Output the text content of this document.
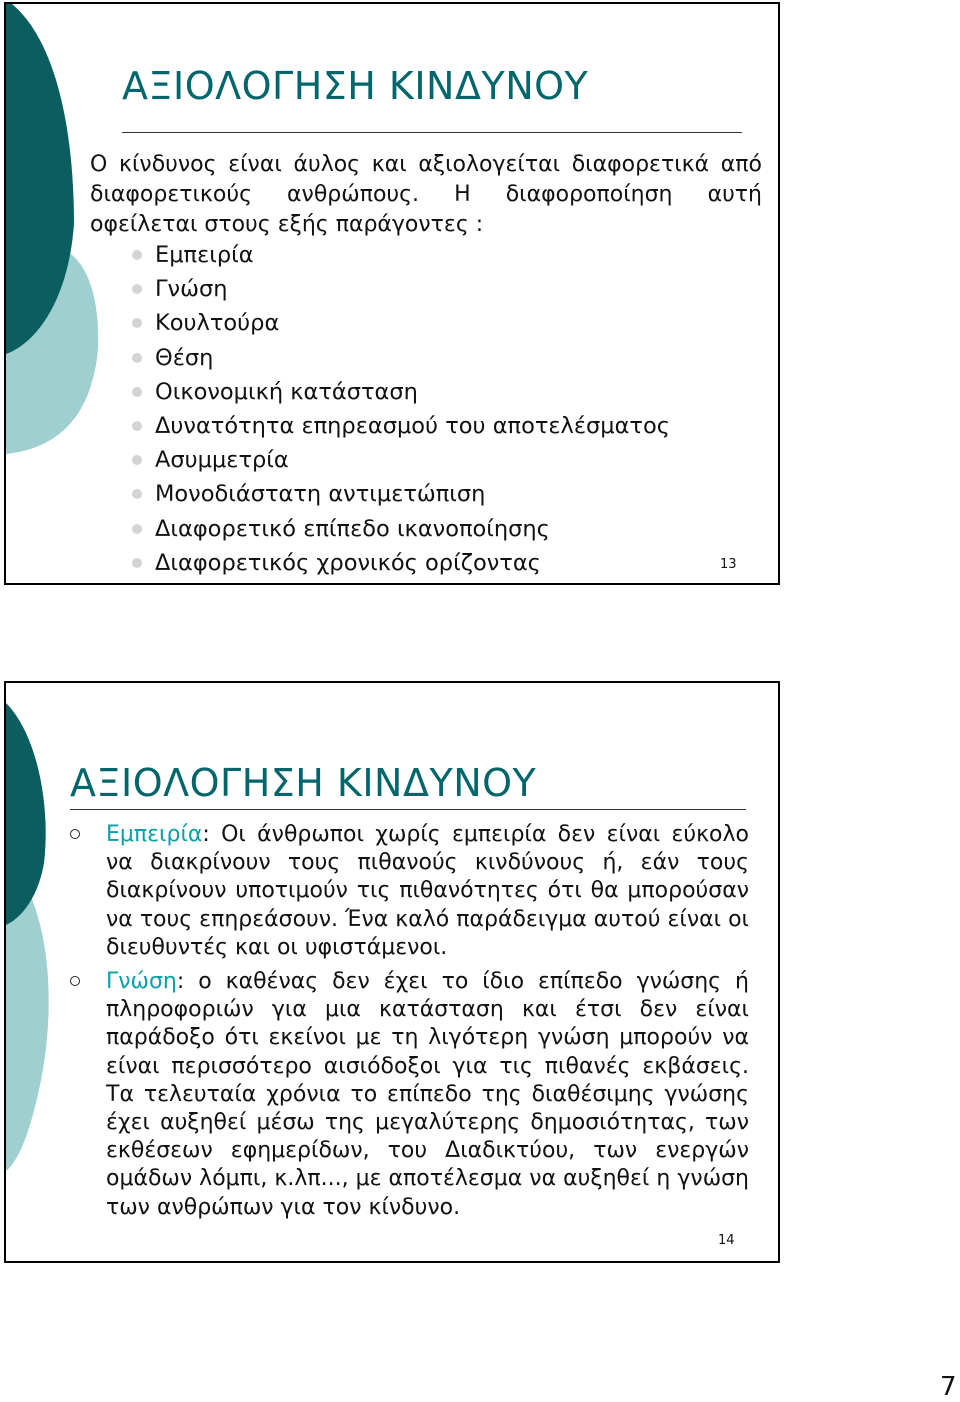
ΑΞΙΟΛΟΓΗΣΗ ΚΙΝΔΥΝΟΥ
Ο κίνδυνος είναι άυλος και αξιολογείται διαφορετικά από διαφορετικούς ανθρώπους. Η διαφοροποίηση αυτή οφείλεται στους εξής παράγοντες :
Εμπειρία
Γνώση
Κουλτούρα
Θέση
Οικονομική κατάσταση
Δυνατότητα επηρεασμού του αποτελέσματος
Ασυμμετρία
Μονοδιάστατη αντιμετώπιση
Διαφορετικό επίπεδο ικανοποίησης
Διαφορετικός χρονικός ορίζοντας	13
ΑΞΙΟΛΟΓΗΣΗ ΚΙΝΔΥΝΟΥ
Εμπειρία: Οι άνθρωποι χωρίς εμπειρία δεν είναι εύκολο να διακρίνουν τους πιθανούς κινδύνους ή, εάν τους διακρίνουν υποτιμούν τις πιθανότητες ότι θα μπορούσαν να τους επηρεάσουν. Ένα καλό παράδειγμα αυτού είναι οι διευθυντές και οι υφιστάμενοι.
Γνώση: ο καθένας δεν έχει το ίδιο επίπεδο γνώσης ή πληροφοριών για μια κατάσταση και έτσι δεν είναι παράδοξο ότι εκείνοι με τη λιγότερη γνώση μπορούν να είναι περισσότερο αισιόδοξοι για τις πιθανές εκβάσεις. Τα τελευταία χρόνια το επίπεδο της διαθέσιμης γνώσης έχει αυξηθεί μέσω της μεγαλύτερης δημοσιότητας, των εκθέσεων εφημερίδων, του Διαδικτύου, των ενεργών ομάδων λόμπι, κ.λπ..., με αποτέλεσμα να αυξηθεί η γνώση των ανθρώπων για τον κίνδυνο.
14
7
